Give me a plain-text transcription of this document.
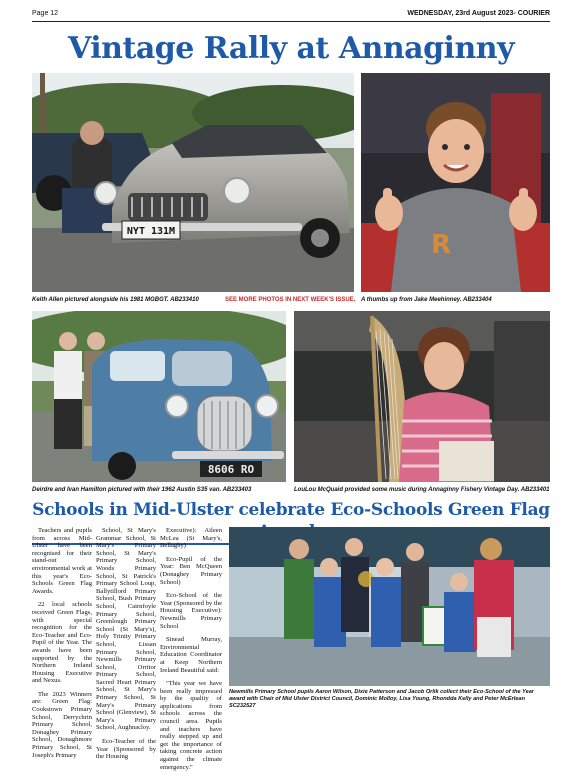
Page 12	WEDNESDAY, 23rd August 2023- COURIER
Vintage Rally at Annaginny
NYT 131M	R
Keith Allen pictured alongside his 1981 MGBGT. AB233410	SEE MORE PHOTOS IN NEXT WEEK'S ISSUE. A thumbs up from Jake Meehinney. AB233404
8606 RO
Deirdre and Ivan Hamilton pictured with their 1962 Austin S35 van. AB233403	LouLou McQuaid provided some music during Annaginny Fishery Vintage Day. AB233401
Schools in Mid-Ulster celebrate Eco-Schools Green Flag

Teachers and pupils from across Mid-Ulster have been recognised for their stand-out environmental work at this year's Eco-Schools Green Flag Awards.

22 local schools received Green Flags, with special recognition for the Eco-Teacher and Eco-Pupil of the Year. The awards have been supported by the Northern Ireland Housing Executive and Nexus.

The 2023 Winners are: Green Flag: Cookstown Primary School, Derrychrin Primary School, Donaghey Primary School, Donaghmore Primary School, St Joseph's Primary

School, St Mary's Grammar School, St Mary's Primary School, St Mary's Primary School, Woods Primary School, St Patrick's Primary School Loup, Ballytillord Primary School, Bush Primary School, Cairnfoyle Primary School, Greenlough Primary School (St Mary's), Holy Trinity Primary School, Lissan Primary School, Newmills Primary School, Orritor Primary School, Sacred Heart Primary School, St Mary's Primary School, St Mary's Primary School (Glenview), St Mary's Primary School, Aughnacloy.

Eco-Teacher of the Year (Sponsored by the Housing

Executive): Aileen McLea (St Mary's, Bellaghy)

Eco-Pupil of the Year: Ben McQueen (Donaghey Primary School)

Eco-School of the Year (Sponsored by the Housing Executive): Newmills Primary School

Sinead Murray, Environmental Education Coordinator at Keep Northern Ireland Beautiful said:

"This year we have been really impressed by the quality of applications from schools across the council area. Pupils and teachers have really stepped up and get the importance of taking concrete action against the climate emergency."

Newmills Primary School pupils Aaron Wilson, Dixie Patterson and Jacob Orlik collect their Eco-School of the Year award with Chair of Mid Ulster District Council, Dominic Molloy, Lisa Young, Rhondda Kelly and Peter McErlean SC232527
